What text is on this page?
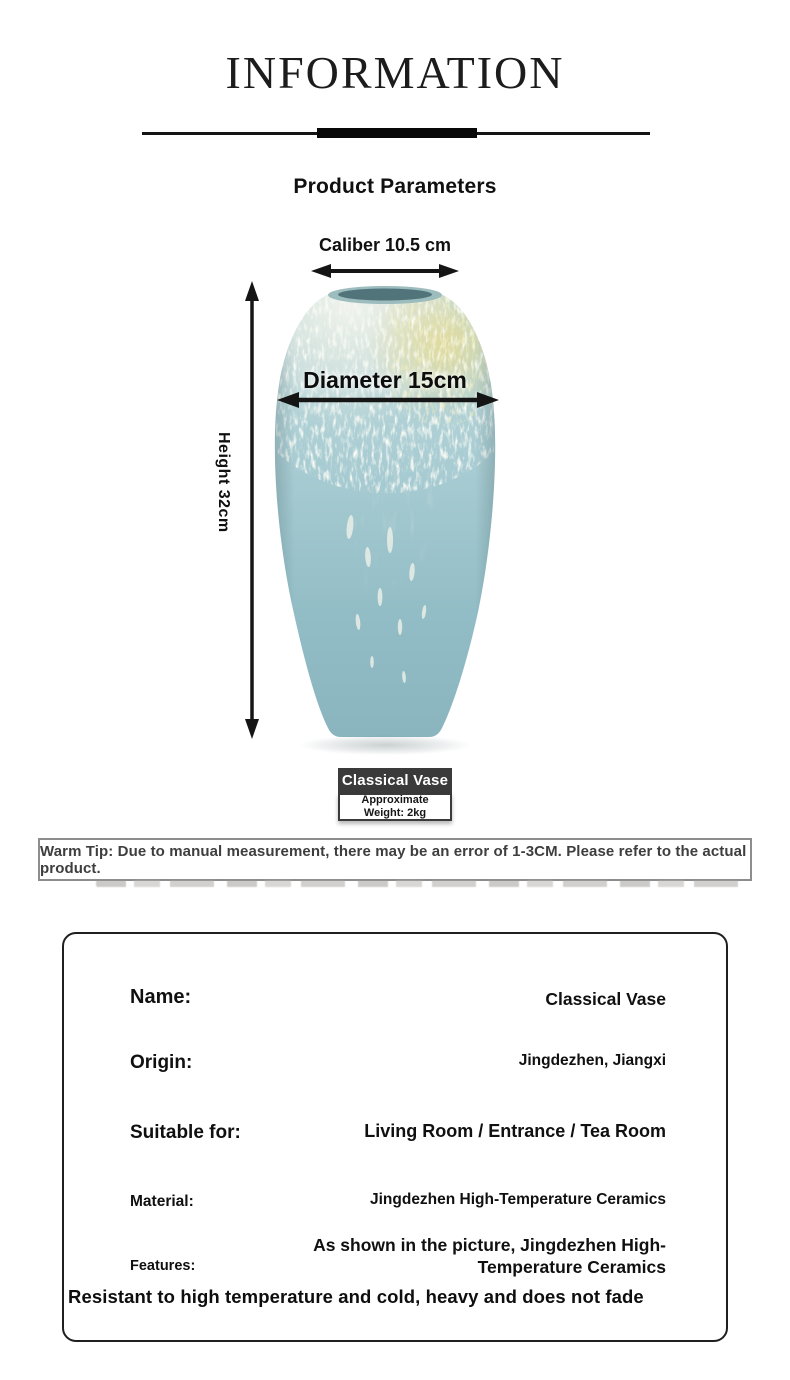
INFORMATION
Product Parameters
Caliber 10.5 cm
Height 32cm
Diameter 15cm
Classical Vase
Approximate
Weight: 2kg
Warm Tip: Due to manual measurement, there may be an error of 1-3CM. Please refer to the actual product.
Name:	Classical Vase
Origin:	Jingdezhen, Jiangxi
Suitable for:	Living Room / Entrance / Tea Room
Material:	Jingdezhen High-Temperature Ceramics
Features:
As shown in the picture, Jingdezhen High-Temperature Ceramics
Resistant to high temperature and cold, heavy and does not fade
